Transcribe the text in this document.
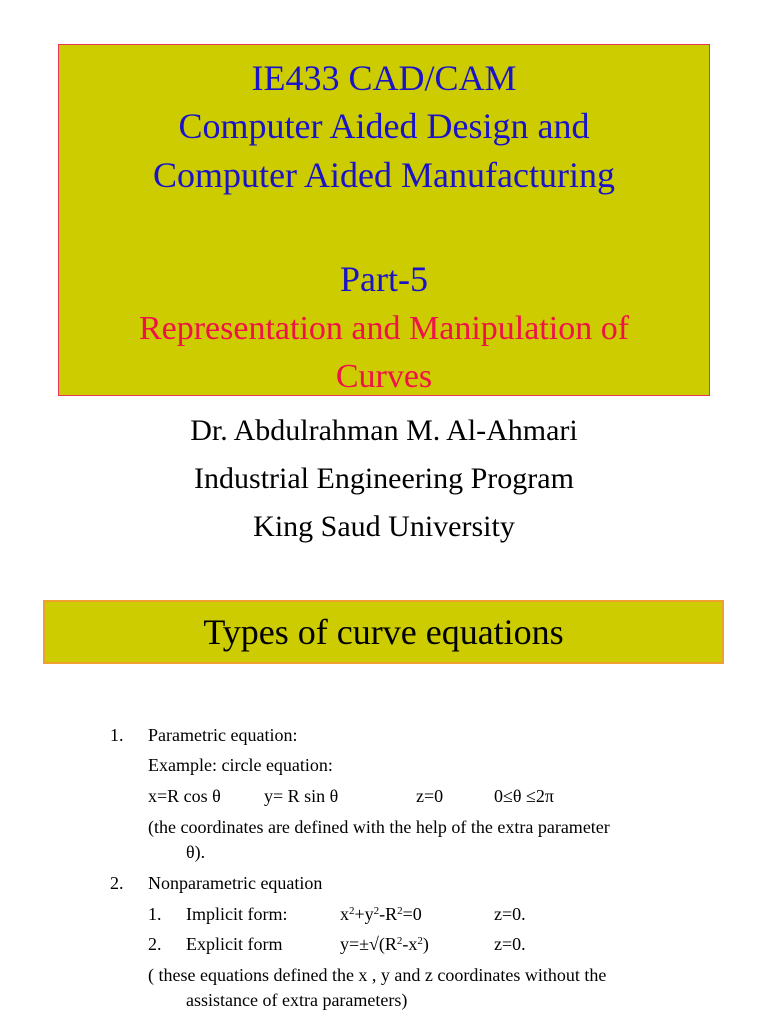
IE433 CAD/CAM
Computer Aided Design and
Computer Aided Manufacturing
Part-5
Representation and Manipulation of
Curves
Dr. Abdulrahman M. Al-Ahmari
Industrial Engineering Program
King Saud University
Types of curve equations
1. Parametric equation:
Example: circle equation:
x=R cos θ y= R sin θ	z=0	0≤θ ≤2π
(the coordinates are defined with the help of the extra parameter
θ).
2. Nonparametric equation
1. Implicit form:	$x^2+y^2-R^2=0$	z=0.
2. Explicit form	$y=\pm√(R^2-x^2)$	z=0.
( these equations defined the x , y and z coordinates without the
assistance of extra parameters)
